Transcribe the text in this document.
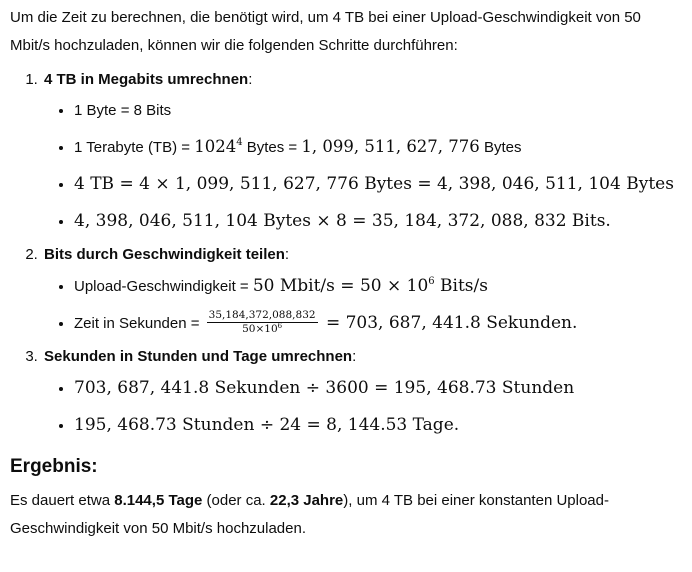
Um die Zeit zu berechnen, die benötigt wird, um 4 TB bei einer Upload-Geschwindigkeit von 50 Mbit/s hochzuladen, können wir die folgenden Schritte durchführen:

1. 4 TB in Megabits umrechnen:
• 1 Byte = 8 Bits
• 1 Terabyte $(TB) = 1024^4$ Bytes = 1, 099, 511, 627, 776 Bytes
• 4 TB = 4 × 1, 099, 511, 627, 776 Bytes = 4, 398, 046, 511, 104 Bytes
• 4, 398, 046, 511, 104 Bytes × 8 = 35, 184, 372, 088, 832 Bits.
2. Bits durch Geschwindigkeit teilen:
• Upload-Geschwindigkeit = 50 Mbit/s = $50 \times 10^6$ Bits/s
• Zeit in Sekunden = $\frac{35,184,372,088,832}{50\times 10^6} = 703$, 687, 441.8 Sekunden.
3. Sekunden in Stunden und Tage umrechnen:
• 703, 687, 441.8 Sekunden ÷ 3600 = 195, 468.73 Stunden
• 195, 468.73 Stunden ÷ 24 = 8, 144.53 Tage.
Ergebnis:

Es dauert etwa 8.144,5 Tage (oder ca. 22,3 Jahre), um 4 TB bei einer konstanten Upload-Geschwindigkeit von 50 Mbit/s hochzuladen.
